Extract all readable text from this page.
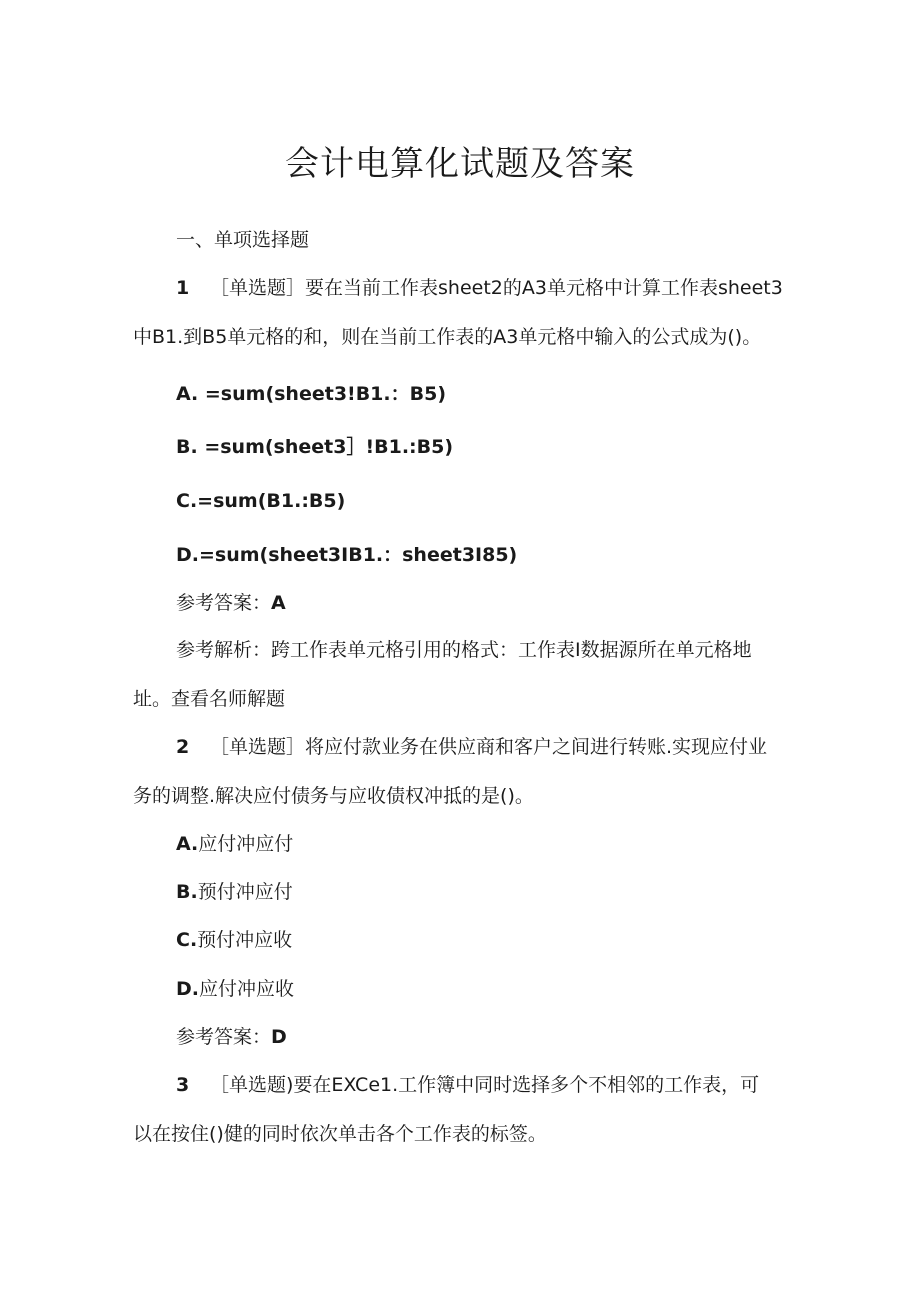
会计电算化试题及答案
一、单项选择题
1 ［单选题］要在当前工作表sheet2的A3单元格中计算工作表sheet3
中B1.到B5单元格的和，则在当前工作表的A3单元格中输入的公式成为()。
A. =sum(sheet3!B1.：B5)
B. =sum(sheet3］!B1.:B5)
C.=sum(B1.:B5)
D.=sum(sheet3IB1.：sheet3I85)
参考答案：A
参考解析：跨工作表单元格引用的格式：工作表I数据源所在单元格地
址。查看名师解题
2 ［单选题］将应付款业务在供应商和客户之间进行转账.实现应付业
务的调整.解决应付债务与应收债权冲抵的是()。
A.应付冲应付
B.预付冲应付
C.预付冲应收
D.应付冲应收
参考答案：D
3 ［单选题)要在EXCe1.工作簿中同时选择多个不相邻的工作表，可
以在按住()健的同时依次单击各个工作表的标签。
